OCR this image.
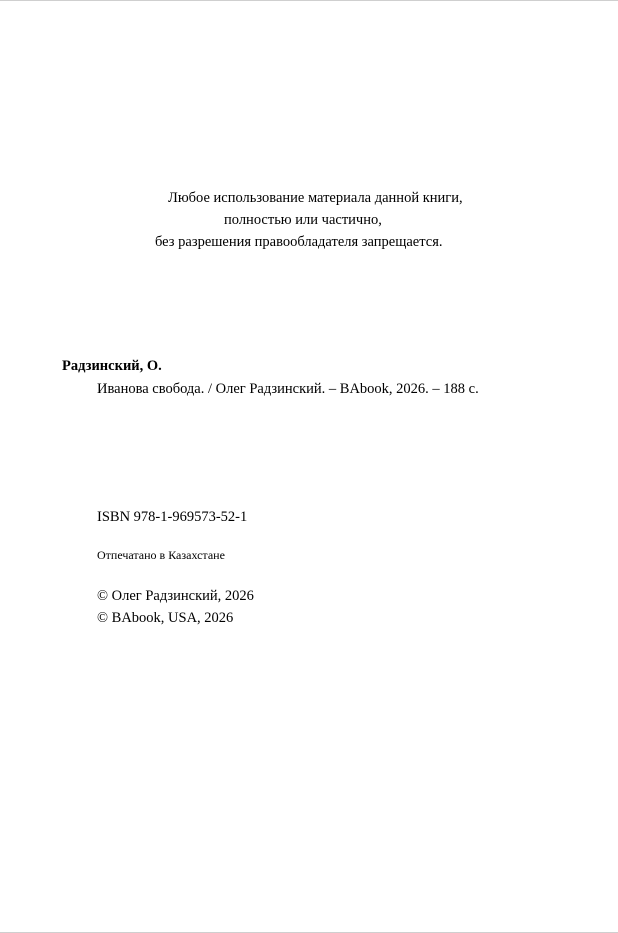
Любое использование материала данной книги,
полностью или частично,
без разрешения правообладателя запрещается.
Радзинский, О.
Иванова свобода. / Олег Радзинский. – BAbook, 2026. – 188 с.
ISBN 978-1-969573-52-1
Отпечатано в Казахстане
© Олег Радзинский, 2026
© BAbook, USA, 2026
